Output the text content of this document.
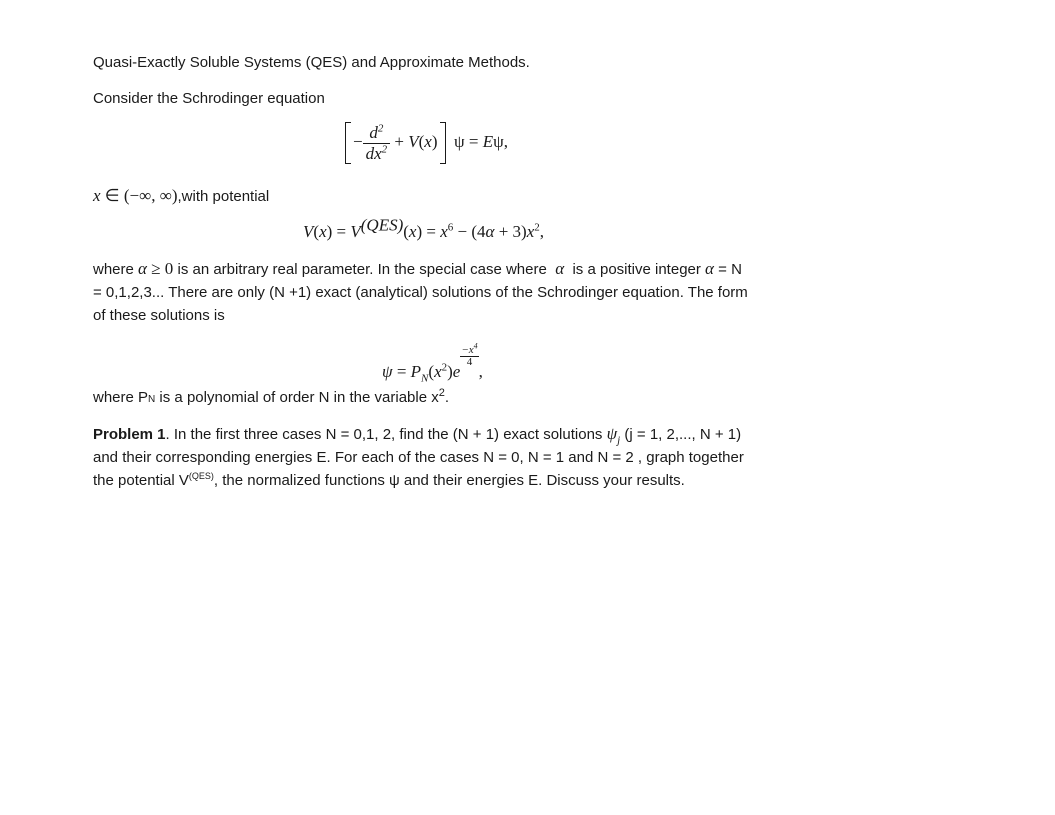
Quasi-Exactly Soluble Systems (QES) and Approximate Methods.

Consider the Schrodinger equation

− $\frac{d^2}{dx^2} + V(x) \psi = E\psi$,

x ∈ (−∞, ∞),with potential

$V(x) = V^{(QES)}(x) = x^6 - (4\alpha + 3)x^2$,

where α ≥ 0 is an arbitrary real parameter. In the special case where α is a positive integer α = N
= 0,1,2,3... There are only (N +1) exact (analytical) solutions of the Schrodinger equation. The form
of these solutions is

$\psi = P_N(x^2)e$
$\frac{-x^4}{4}$
,

where PN is a polynomial of order N in the variable $x^2$.

Problem 1. In the first three cases N = 0,1, 2, find the (N + 1) exact solutions $\psi_j$ (j = 1, 2,..., N + 1)
and their corresponding energies E. For each of the cases N = 0, N = 1 and N = 2 , graph together
the potential $V^{(QES)}$, the normalized functions ψ and their energies E. Discuss your results.
